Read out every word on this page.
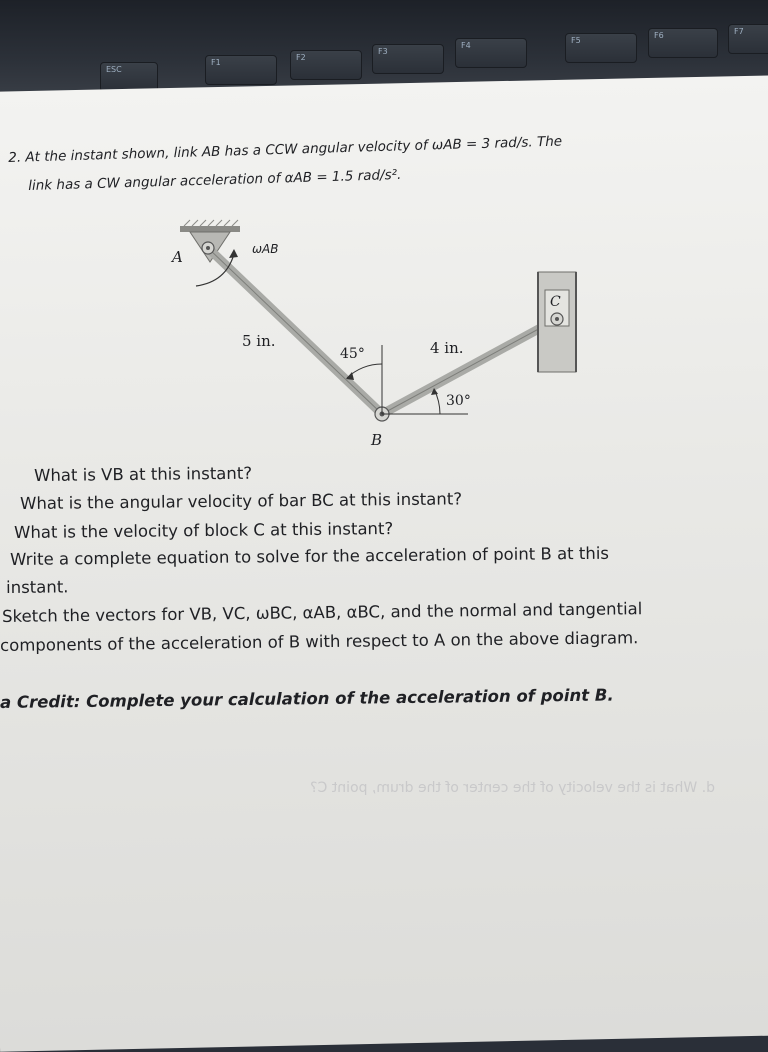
ESC
F1
F2
F3
F4
F5
F6	F7
2. At the instant shown, link AB has a CCW angular velocity of ωAB = 3 rad/s. The
link has a CW angular acceleration of αAB = 1.5 rad/s².
A
B
C
ωAB
5 in.	4 in.
45°
30°
What is VB at this instant?
What is the angular velocity of bar BC at this instant?
What is the velocity of block C at this instant?
Write a complete equation to solve for the acceleration of point B at this
instant.
Sketch the vectors for VB, VC, ωBC, αAB, αBC, and the normal and tangential
components of the acceleration of B with respect to A on the above diagram.
a Credit: Complete your calculation of the acceleration of point B.
d. What is the velocity of the center of the drum, point C?
